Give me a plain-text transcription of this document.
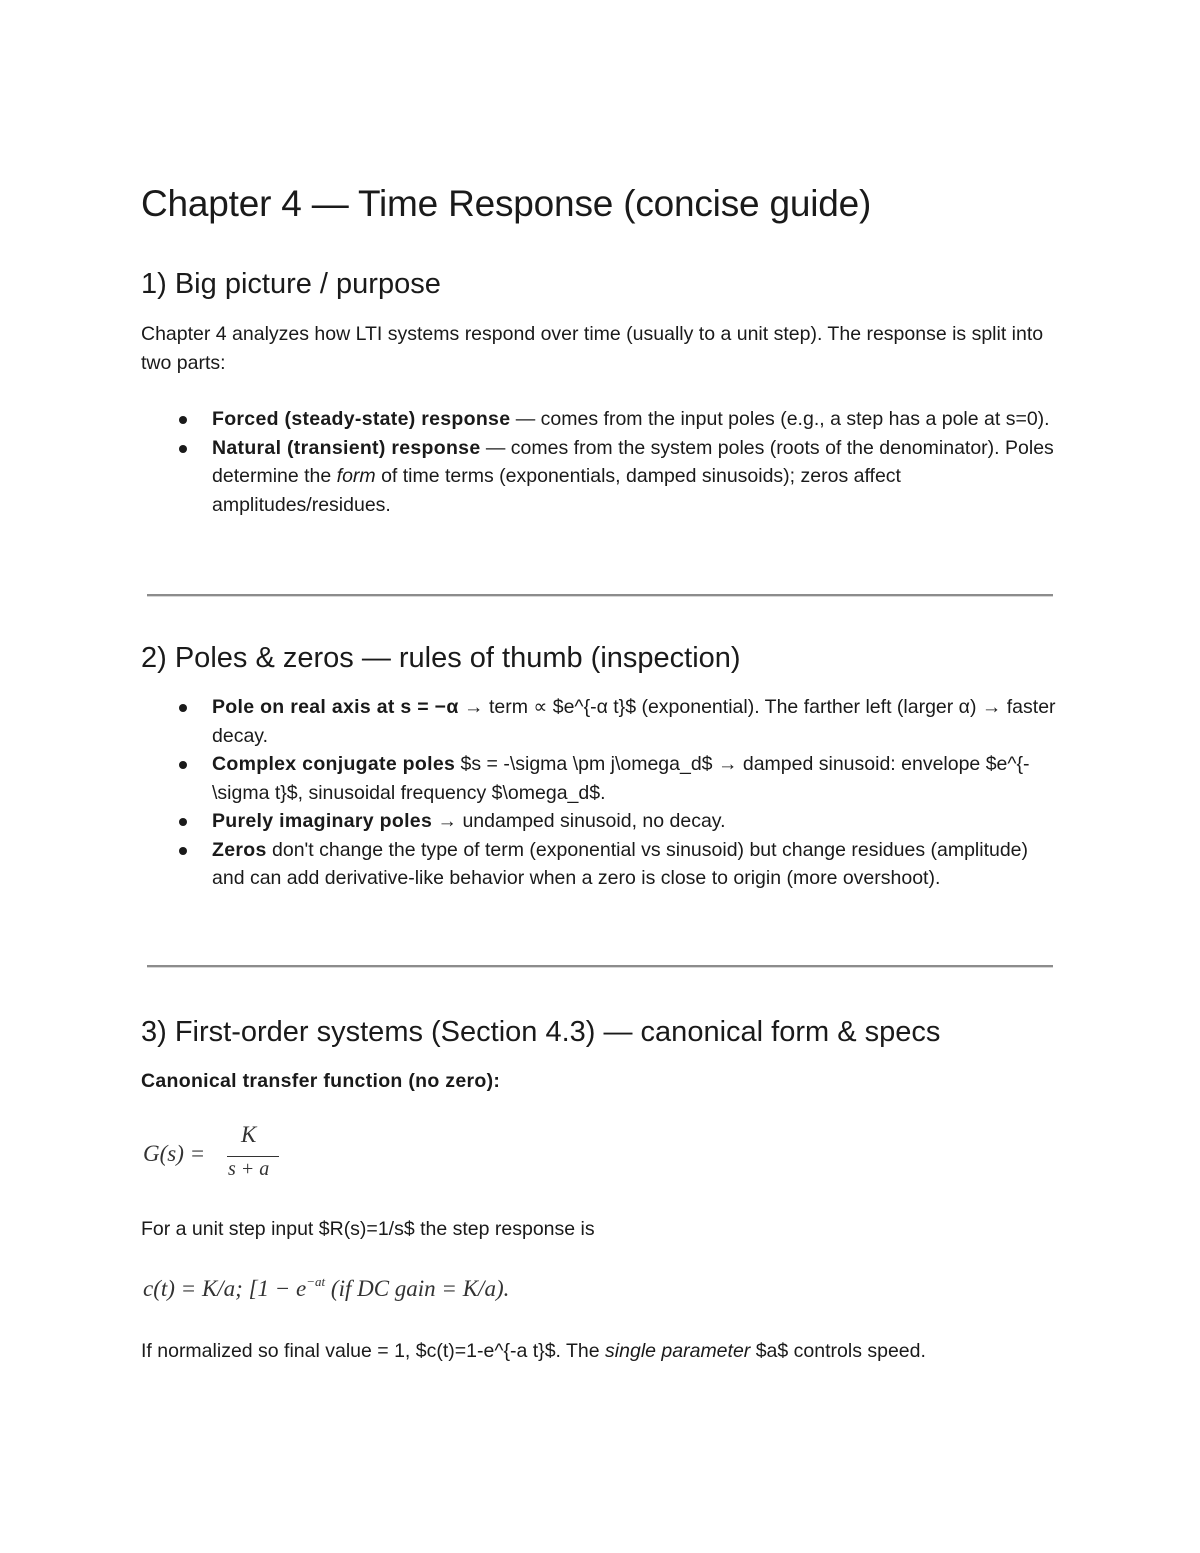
Chapter 4 — Time Response (concise guide)
1) Big picture / purpose

Chapter 4 analyzes how LTI systems respond over time (usually to a unit step). The response is split into two parts:

Forced (steady-state) response — comes from the input poles (e.g., a step has a pole at s=0).
Natural (transient) response — comes from the system poles (roots of the denominator). Poles determine the form of time terms (exponentials, damped sinusoids); zeros affect amplitudes/residues.
2) Poles & zeros — rules of thumb (inspection)
Pole on real axis at s = −α → term ∝ $e^{-α t}$ (exponential). The farther left (larger α) → faster decay.
Complex conjugate poles $s = -\sigma \pm j\omega_d$ → damped sinusoid: envelope $e^{-\sigma t}$, sinusoidal frequency $\omega_d$.
Purely imaginary poles → undamped sinusoid, no decay.
Zeros don't change the type of term (exponential vs sinusoid) but change residues (amplitude) and can add derivative-like behavior when a zero is close to origin (more overshoot).
3) First-order systems (Section 4.3) — canonical form & specs

Canonical transfer function (no zero):

G(s) =
K
s + a

For a unit step input $R(s)=1/s$ the step response is

c(t) = K/a; [$1 - e^{-at}$ (if DC gain = K/a).

If normalized so final value = 1, $c(t)=1-e^{-a t}$. The single parameter $a$ controls speed.
